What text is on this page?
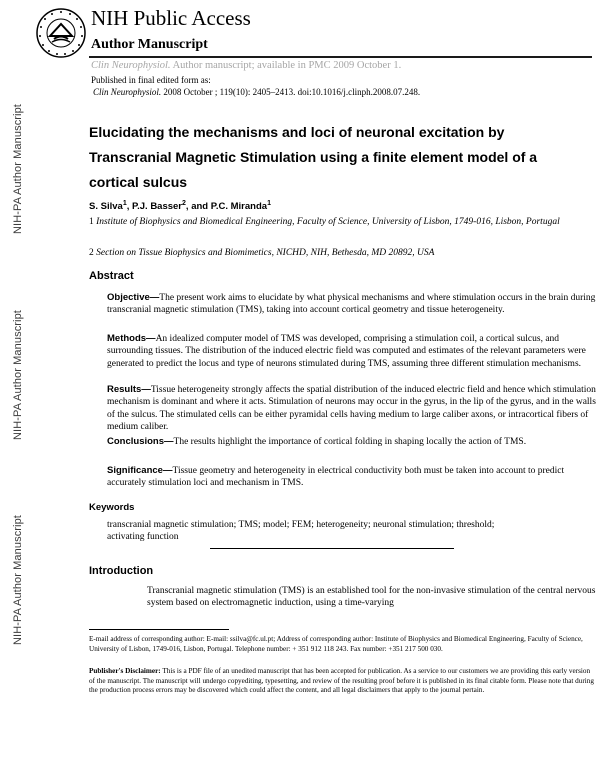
NIH Public Access
Author Manuscript
Clin Neurophysiol. Author manuscript; available in PMC 2009 October 1.
Published in final edited form as:
Clin Neurophysiol. 2008 October ; 119(10): 2405–2413. doi:10.1016/j.clinph.2008.07.248.
NIH-PA Author Manuscript
NIH-PA Author Manuscript
NIH-PA Author Manuscript
Elucidating the mechanisms and loci of neuronal excitation by Transcranial Magnetic Stimulation using a finite element model of a cortical sulcus
S. Silva$^1$, P.J. Basser$^2$, and P.C. Miranda$^1$
1 Institute of Biophysics and Biomedical Engineering, Faculty of Science, University of Lisbon, 1749-016, Lisbon, Portugal
2 Section on Tissue Biophysics and Biomimetics, NICHD, NIH, Bethesda, MD 20892, USA
Abstract
Objective—The present work aims to elucidate by what physical mechanisms and where stimulation occurs in the brain during transcranial magnetic stimulation (TMS), taking into account cortical geometry and tissue heterogeneity.
Methods—An idealized computer model of TMS was developed, comprising a stimulation coil, a cortical sulcus, and surrounding tissues. The distribution of the induced electric field was computed and estimates of the relevant parameters were generated to predict the locus and type of neurons stimulated during TMS, assuming three different stimulation mechanisms.
Results—Tissue heterogeneity strongly affects the spatial distribution of the induced electric field and hence which stimulation mechanism is dominant and where it acts. Stimulation of neurons may occur in the gyrus, in the lip of the gyrus, and in the walls of the sulcus. The stimulated cells can be either pyramidal cells having medium to large caliber axons, or intracortical fibers of medium caliber.
Conclusions—The results highlight the importance of cortical folding in shaping locally the action of TMS.
Significance—Tissue geometry and heterogeneity in electrical conductivity both must be taken into account to predict accurately stimulation loci and mechanism in TMS.
Keywords
transcranial magnetic stimulation; TMS; model; FEM; heterogeneity; neuronal stimulation; threshold; activating function
Introduction
Transcranial magnetic stimulation (TMS) is an established tool for the non-invasive stimulation of the central nervous system based on electromagnetic induction, using a time-varying
E-mail address of corresponding author: E-mail: ssilva@fc.ul.pt; Address of corresponding author: Institute of Biophysics and Biomedical Engineering, Faculty of Science, University of Lisbon, 1749-016, Lisbon, Portugal. Telephone number: + 351 912 118 243. Fax number: +351 217 500 030.
Publisher's Disclaimer: This is a PDF file of an unedited manuscript that has been accepted for publication. As a service to our customers we are providing this early version of the manuscript. The manuscript will undergo copyediting, typesetting, and review of the resulting proof before it is published in its final citable form. Please note that during the production process errors may be discovered which could affect the content, and all legal disclaimers that apply to the journal pertain.
